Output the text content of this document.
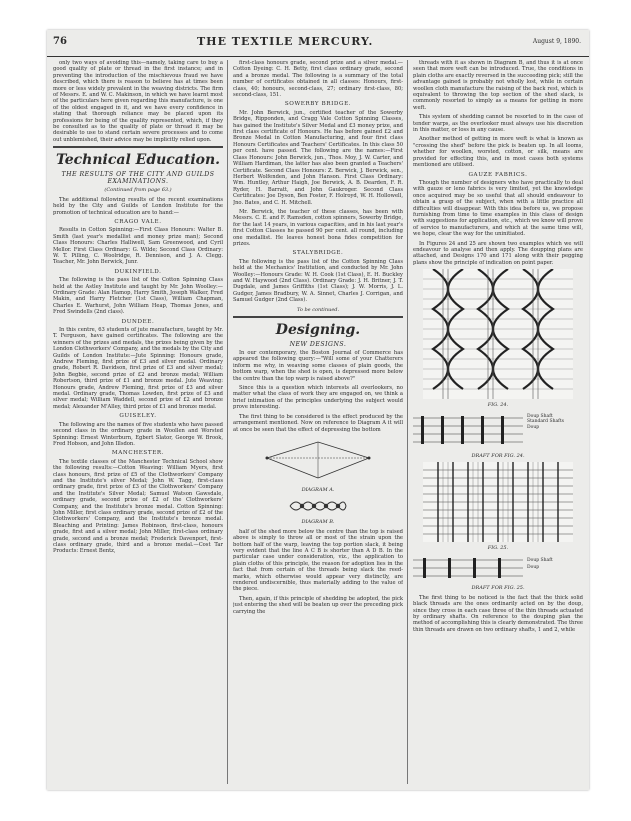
76	THE TEXTILE MERCURY.	August 9, 1890.

only two ways of avoiding this—namely, taking care to buy a good quality of plate or thread in the first instance; and in preventing the introduction of the mischievous fraud we have described, which there is reason to believe has at times been more or less widely prevalent in the weaving districts. The firm of Messrs. E. and W. C. Makinson, in which we have learnt most of the particulars here given regarding this manufacture, is one of the oldest engaged in it, and we have every confidence in stating that thorough reliance may be placed upon its professions for being of the quality represented, which, if they be consulted as to the quality of plate or thread it may be desirable to use to stand certain severe processes and to come out unblemished, their advice may be implicitly relied upon.

Technical Education.
THE RESULTS OF THE CITY AND GUILDS EXAMINATIONS.
(Continued from page 63.)

The additional following results of the recent examinations held by the City and Guilds of London Institute for the promotion of technical education are to hand:—

CRAGO VALE.

Results in Cotton Spinning:—First Class Honours: Walter B. Smith (last year's medallist and money prize man); Second Class Honours: Charles Halliwell, Sam Greenwood, and Cyril Mellor. First Class Ordinary: G. Wilde; Second Class Ordinary: W. T. Pilling, C. Woolridge, R. Dennison, and J. A. Clegg. Teacher, Mr. John Berwick, Junr.

DUKINFIELD.

The following is the pass list of the Cotton Spinning Class held at the Astley Institute and taught by Mr. John Woolley:—Ordinary Grade: Alan Hamop, Harry Smith, Joseph Walker, Fred Makin, and Harry Fletcher (1st Class), William Chapman, Charles E. Warhurst, John William Heap, Thomas Jones, and Fred Swindells (2nd class).

DUNDEE.

In this centre, 63 students of jute manufacture, taught by Mr. T. Ferguson, have gained certificates. The following are the winners of the prizes and medals, the prizes being given by the London Clothworkers' Company, and the medals by the City and Guilds of London Institute:—Jute Spinning: Honours grade, Andrew Fleming, first prize of £3 and silver medal. Ordinary grade, Robert R. Davidson, first prize of £3 and silver medal; John Begbie, second prize of £2 and bronze medal; William Robertson, third prize of £1 and bronze medal. Jute Weaving: Honours grade, Andrew Fleming, first prize of £3 and silver medal. Ordinary grade, Thomas Lowden, first prize of £3 and silver medal; William Waddell, second prize of £2 and bronze medal; Alexander M'Alley, third prize of £1 and bronze medal.

GUISELEY.

The following are the names of five students who have passed second class in the ordinary grade in Woollen and Worsted Spinning: Ernest Winterburn, Egbert Slator, George W. Brook, Fred Hobson, and John Illsdon.

MANCHESTER.

The textile classes of the Manchester Technical School show the following results:—Cotton Weaving: William Myers, first class honours, first prize of £5 of the Clothworkers' Company and the Institute's silver Medal; John W. Tagg, first-class ordinary grade, first prize of £3 of the Clothworkers' Company and the Institute's Silver Medal; Samuel Watson Gawsdale, ordinary grade, second prize of £2 of the Clothworkers' Company, and the Institute's bronze medal. Cotton Spinning: John Miller, first class ordinary grade, second prize of £2 of the Clothworkers' Company, and the Institute's bronze medal. Bleaching and Printing: James Robinson, first-class, honours grade, first and a silver medal; John Miller, first-class ordinary grade, second and a bronze medal; Frederick Davenport, first-class ordinary grade, third and a bronze medal.—Cost Tar Products: Ernest Bentz,

first-class honours grade, second prize and a silver medal.—Cotton Dyeing: C. H. Betty, first class ordinary grade, second and a bronze medal. The following is a summary of the total number of certificates obtained in all classes: Honours, first-class, 40; honours, second-class, 27; ordinary first-class, 80; second-class, 151.

SOWERBY BRIDGE.

Mr. John Berwick, jun., certified teacher of the Sowerby Bridge, Ripponden, and Cragg Vale Cotton Spinning Classes, has gained the Institute's Silver Medal and £3 money prize, and first class certificate of Honours. He has before gained £2 and Bronze Medal in Cotton Manufacturing, and four first class Honours Certificates and Teachers' Certificates. In this class 50 per cent. have passed. The following are the names:—First Class Honours: John Berwick, jun., Thos. Moy, J. W. Carter, and William Hardiman, the latter has also been granted a Teachers' Certificate. Second Class Honours: Z. Berwick, J. Berwick, sen., Herbert Wolfenden, and John Hanson. First Class Ordinary: Wm. Huntley, Arthur Haigh, Joe Berwick, A. B. Dearden, F. R. Ryder, H. Barratt, and John Gaukroger. Second Class Certificates: Joe Dyson, Ben Foster, F. Holroyd, W. H. Hollowell, Jno. Bates, and C. H. Mitchell.

Mr. Berwick, the teacher of these classes, has been with Messrs. C. E. and F. Ramsden, cotton spinners, Sowerby Bridge, for the last 14 years, in various capacities, and in his last year's first Cotton Classes he passed 90 per cent. all round, including one medallist. He leaves honest bona fides competition for prizes.

STALYBRIDGE.

The following is the pass list of the Cotton Spinning Class held at the Mechanics' Institution, and conducted by Mr. John Woolley:—Honours Grade: W. H. Cook (1st Class), E. H. Buckley and W. Haywood (2nd Class). Ordinary Grade: J. H. Britner, J. T. Dugdale, and James Griffiths (1st Class); J. W. Morris, J. L. Gudger, James Bradbury, W. A. Sinnet, Charles J. Corrigan, and Samuel Gudger (2nd Class).

To be continued.
Designing.
NEW DESIGNS.

In our contemporary, the Boston Journal of Commerce has appeared the following query:—"Will some of your Chatterers inform me why, in weaving some classes of plain goods, the bottom warp, when the shed is open, is depressed more below the centre than the top warp is raised above?"

Since this is a question which interests all overlookers, no matter what the class of work they are engaged on, we think a brief intimation of the principles underlying the subject would prove interesting.

The first thing to be considered is the effect produced by the arrangement mentioned. Now on reference to Diagram A it will at once be seen that the effect of depressing the bottom

DIAGRAM A.
DIAGRAM B.

half of the shed more below the centre than the top is raised above is simply to throw all or most of the strain upon the bottom half of the warp, leaving the top portion slack, it being very evident that the line A C B is shorter than A D B. In the particular case under consideration, viz., the application to plain cloths of this principle, the reason for adoption lies in the fact that from certain of the threads being slack the reed-marks, which otherwise would appear very distinctly, are rendered undiscernible, thus materially adding to the value of the piece.

Then, again, if this principle of shedding be adopted, the pick just entering the shed will be beaten up over the preceding pick carrying the

threads with it as shown in Diagram B, and thus it is at once seen that more weft can be introduced. True, the conditions in plain cloths are exactly reversed in the succeeding pick; still the advantage gained is probably not wholly lost, while in certain woollen cloth manufacture the raising of the back rest, which is equivalent to throwing the top section of the shed slack, is commonly resorted to simply as a means for getting in more weft.

This system of shedding cannot be resorted to in the case of tender warps, as the overlooker must always use his discretion in this matter, or loss in any cause.

Another method of getting in more weft is what is known as "crossing the shed" before the pick is beaten up. In all looms, whether for woollen, worsted, cotton, or silk, means are provided for effecting this, and in most cases both systems mentioned are utilised.

GAUZE FABRICS.

Though the number of designers who have practically to deal with gauze or leno fabrics is very limited, yet the knowledge once acquired may be so useful that all should endeavour to obtain a grasp of the subject, when with a little practice all difficulties will disappear. With this idea before us, we propose furnishing from time to time examples in this class of design with suggestions for application, etc., which we know will prove of service to manufacturers, and which at the same time will, we hope, clear the way for the uninitiated.

In Figures 24 and 25 are shown two examples which we will endeavour to analyse and then apply. The doupping plans are attached, and Designs 170 and 171 along with their pegging plans show the principle of indication on point paper.

FIG. 24.
Doup Shaft
Standard Shafts
Doup
DRAFT FOR FIG. 24.
FIG. 25.
Doup Shaft
Doup
DRAFT FOR FIG. 25.

The first thing to be noticed is the fact that the thick solid black threads are the ones ordinarily acted on by the doup, since they cross in each case three of the thin threads actuated by ordinary shafts. On reference to the douping plan the method of accomplishing this is clearly demonstrated. The three thin threads are drawn on two ordinary shafts, 1 and 2, while
